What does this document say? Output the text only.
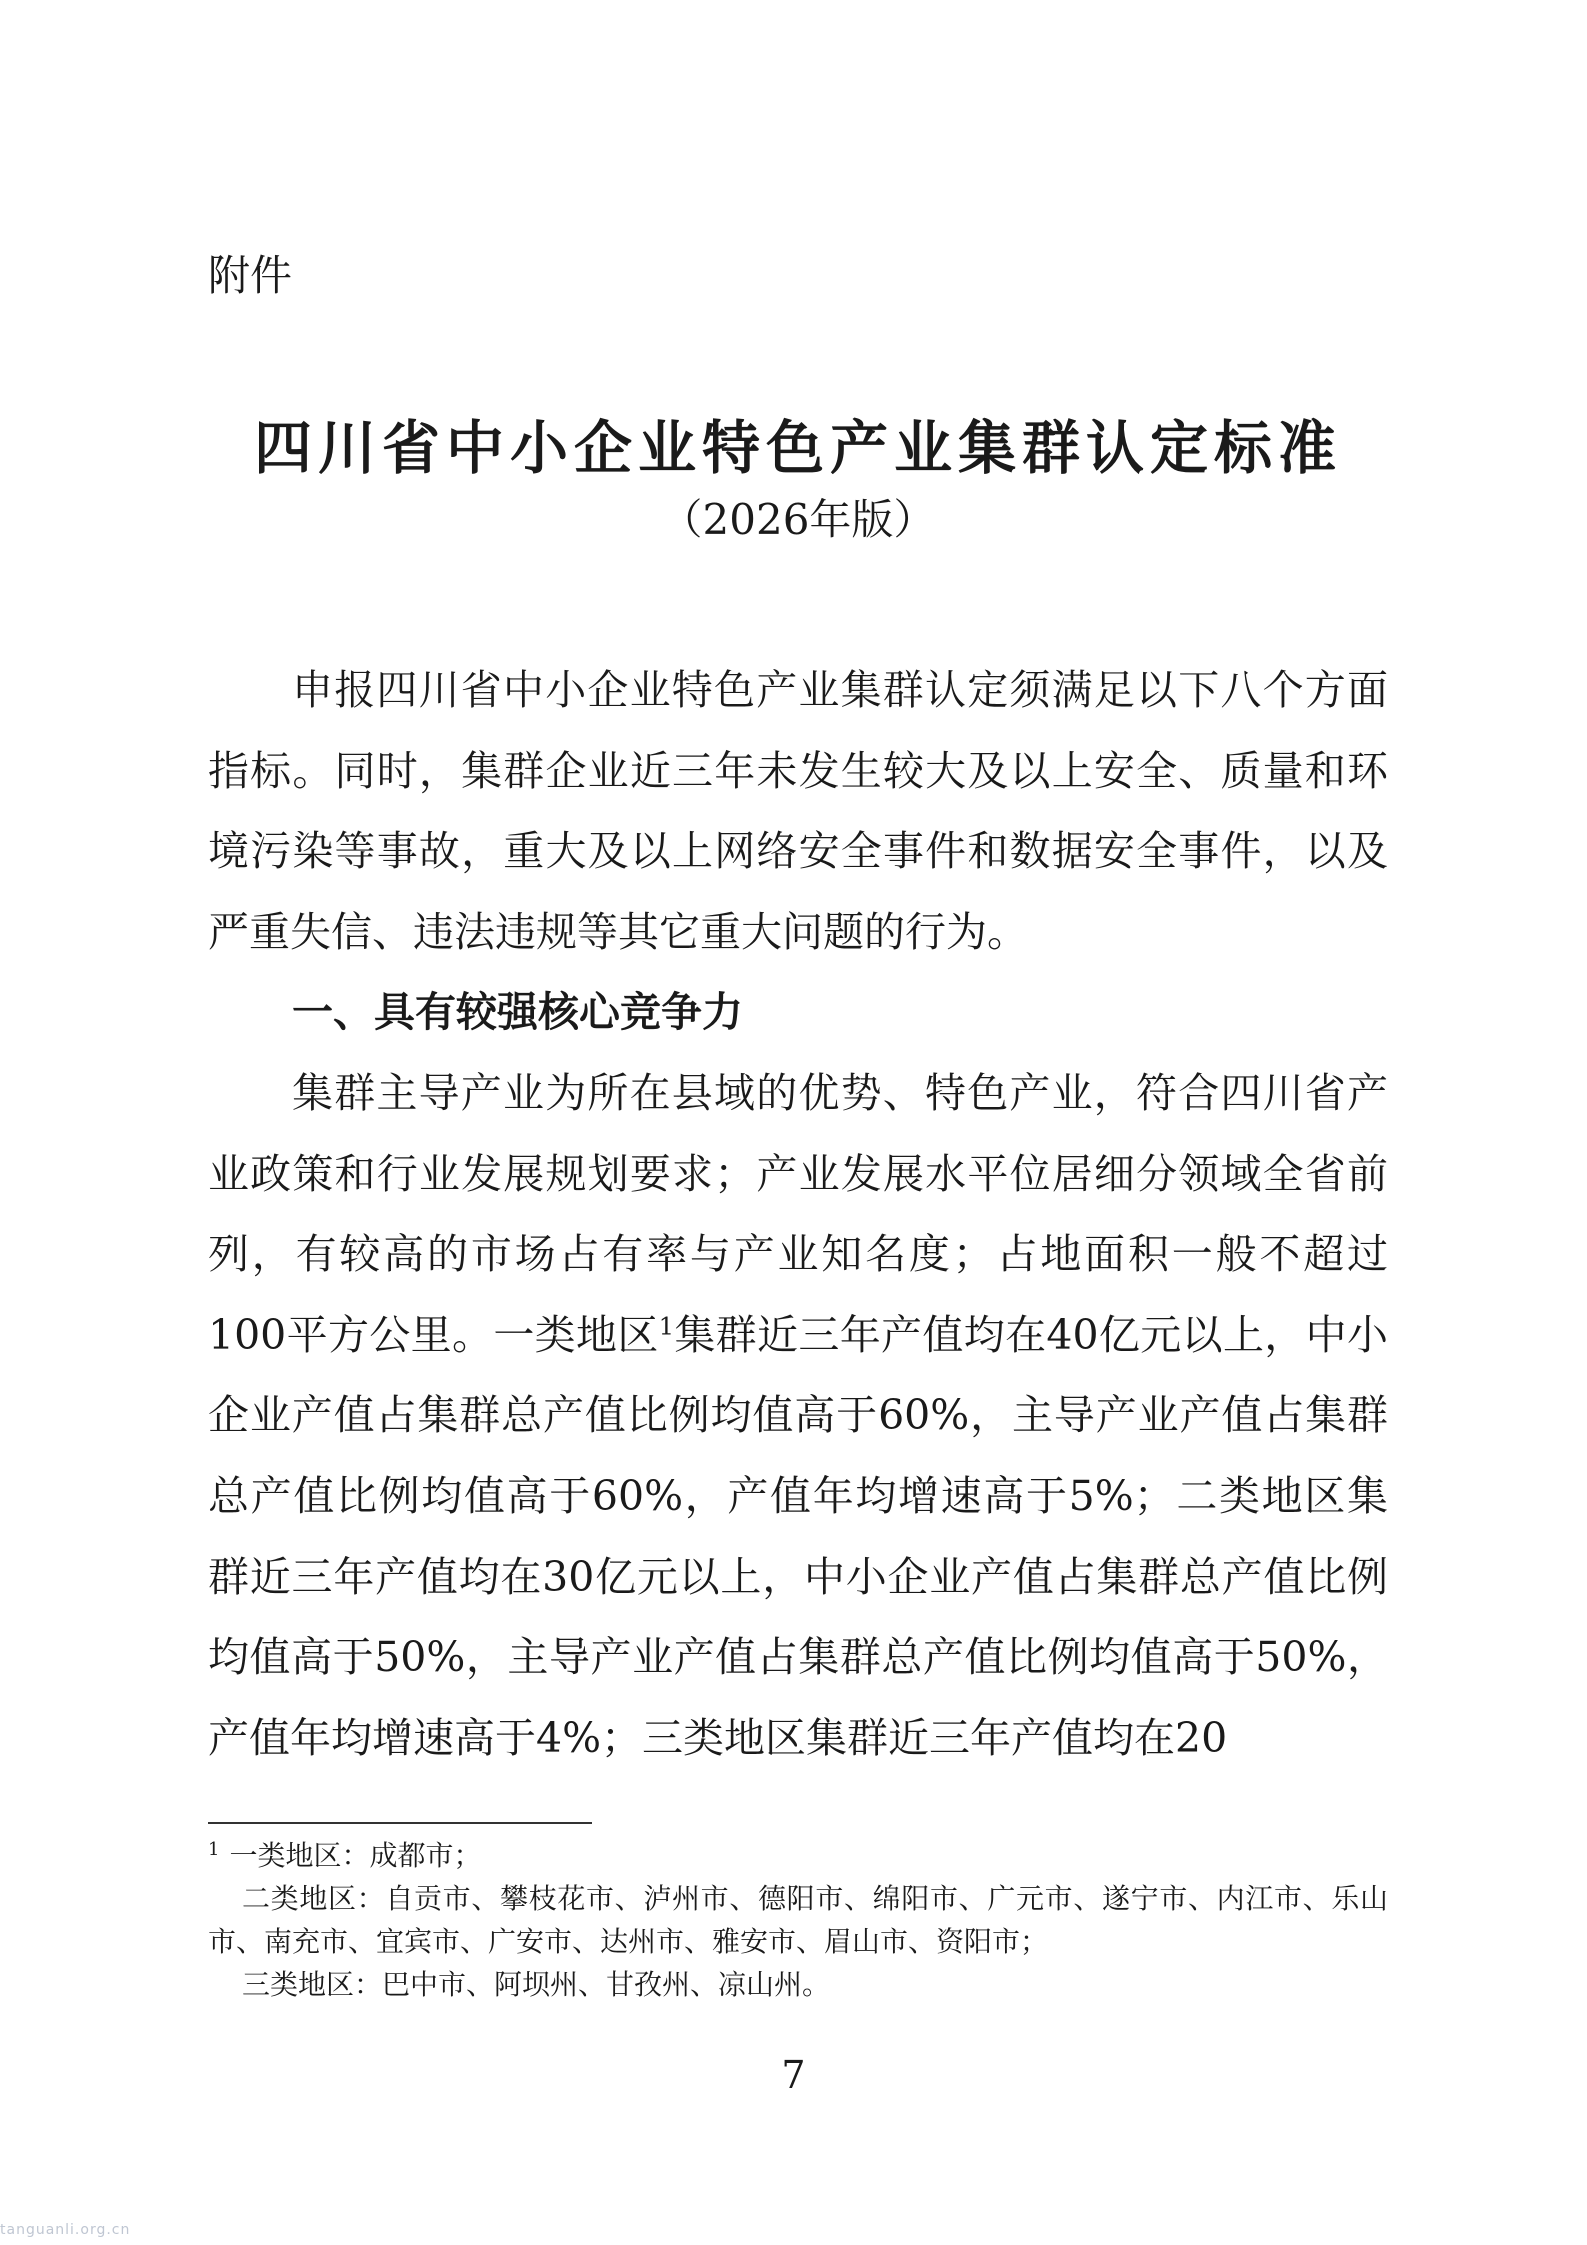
附件
四川省中小企业特色产业集群认定标准
（2026年版）

申报四川省中小企业特色产业集群认定须满足以下八个方面指标。同时，集群企业近三年未发生较大及以上安全、质量和环境污染等事故，重大及以上网络安全事件和数据安全事件，以及严重失信、违法违规等其它重大问题的行为。

一、具有较强核心竞争力

集群主导产业为所在县域的优势、特色产业，符合四川省产业政策和行业发展规划要求；产业发展水平位居细分领域全省前列，有较高的市场占有率与产业知名度；占地面积一般不超过100平方公里。一类地区$^1$集群近三年产值均在40亿元以上，中小企业产值占集群总产值比例均值高于60%，主导产业产值占集群总产值比例均值高于60%，产值年均增速高于5%；二类地区集群近三年产值均在30亿元以上，中小企业产值占集群总产值比例均值高于50%，主导产业产值占集群总产值比例均值高于50%，产值年均增速高于4%；三类地区集群近三年产值均在20

$^1$ 一类地区：成都市；

二类地区：自贡市、攀枝花市、泸州市、德阳市、绵阳市、广元市、遂宁市、内江市、乐山市、南充市、宜宾市、广安市、达州市、雅安市、眉山市、资阳市；

三类地区：巴中市、阿坝州、甘孜州、凉山州。

7
tanguanli.org.cn
